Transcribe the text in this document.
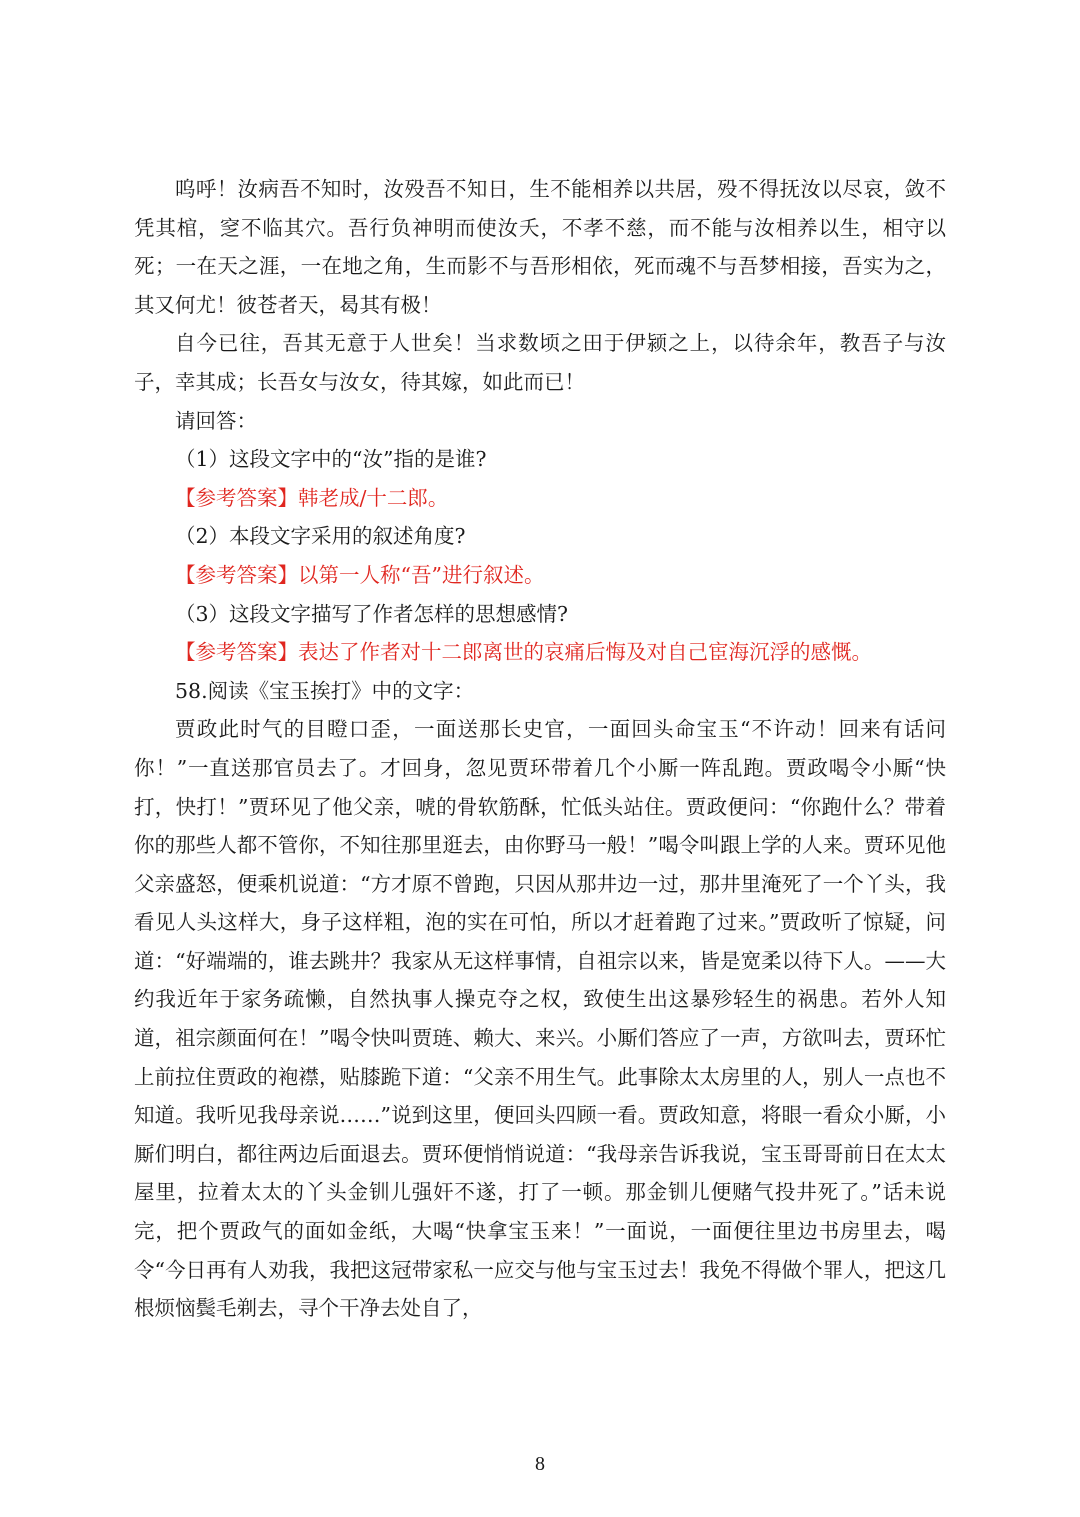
呜呼！汝病吾不知时，汝殁吾不知日，生不能相养以共居，殁不得抚汝以尽哀，敛不凭其棺，窆不临其穴。吾行负神明而使汝夭，不孝不慈，而不能与汝相养以生，相守以死；一在天之涯，一在地之角，生而影不与吾形相依，死而魂不与吾梦相接，吾实为之，其又何尤！彼苍者天，曷其有极！

自今已往，吾其无意于人世矣！当求数顷之田于伊颍之上，以待余年，教吾子与汝子，幸其成；长吾女与汝女，待其嫁，如此而已！

请回答：

（1）这段文字中的“汝”指的是谁?

【参考答案】韩老成/十二郎。

（2）本段文字采用的叙述角度?

【参考答案】以第一人称“吾”进行叙述。

（3）这段文字描写了作者怎样的思想感情?

【参考答案】表达了作者对十二郎离世的哀痛后悔及对自己宦海沉浮的感慨。

58.阅读《宝玉挨打》中的文字：

贾政此时气的目瞪口歪，一面送那长史官，一面回头命宝玉“不许动！回来有话问你！”一直送那官员去了。才回身，忽见贾环带着几个小厮一阵乱跑。贾政喝令小厮“快打，快打！”贾环见了他父亲，唬的骨软筋酥，忙低头站住。贾政便问：“你跑什么？带着你的那些人都不管你，不知往那里逛去，由你野马一般！”喝令叫跟上学的人来。贾环见他父亲盛怒，便乘机说道：“方才原不曾跑，只因从那井边一过，那井里淹死了一个丫头，我看见人头这样大，身子这样粗，泡的实在可怕，所以才赶着跑了过来。”贾政听了惊疑，问道：“好端端的，谁去跳井？我家从无这样事情，自祖宗以来，皆是宽柔以待下人。——大约我近年于家务疏懒，自然执事人操克夺之权，致使生出这暴殄轻生的祸患。若外人知道，祖宗颜面何在！”喝令快叫贾琏、赖大、来兴。小厮们答应了一声，方欲叫去，贾环忙上前拉住贾政的袍襟，贴膝跪下道：“父亲不用生气。此事除太太房里的人，别人一点也不知道。我听见我母亲说……”说到这里，便回头四顾一看。贾政知意，将眼一看众小厮，小厮们明白，都往两边后面退去。贾环便悄悄说道：“我母亲告诉我说，宝玉哥哥前日在太太屋里，拉着太太的丫头金钏儿强奸不遂，打了一顿。那金钏儿便赌气投井死了。”话未说完，把个贾政气的面如金纸，大喝“快拿宝玉来！”一面说，一面便往里边书房里去，喝令“今日再有人劝我，我把这冠带家私一应交与他与宝玉过去！我免不得做个罪人，把这几根烦恼鬓毛剃去，寻个干净去处自了，

8
